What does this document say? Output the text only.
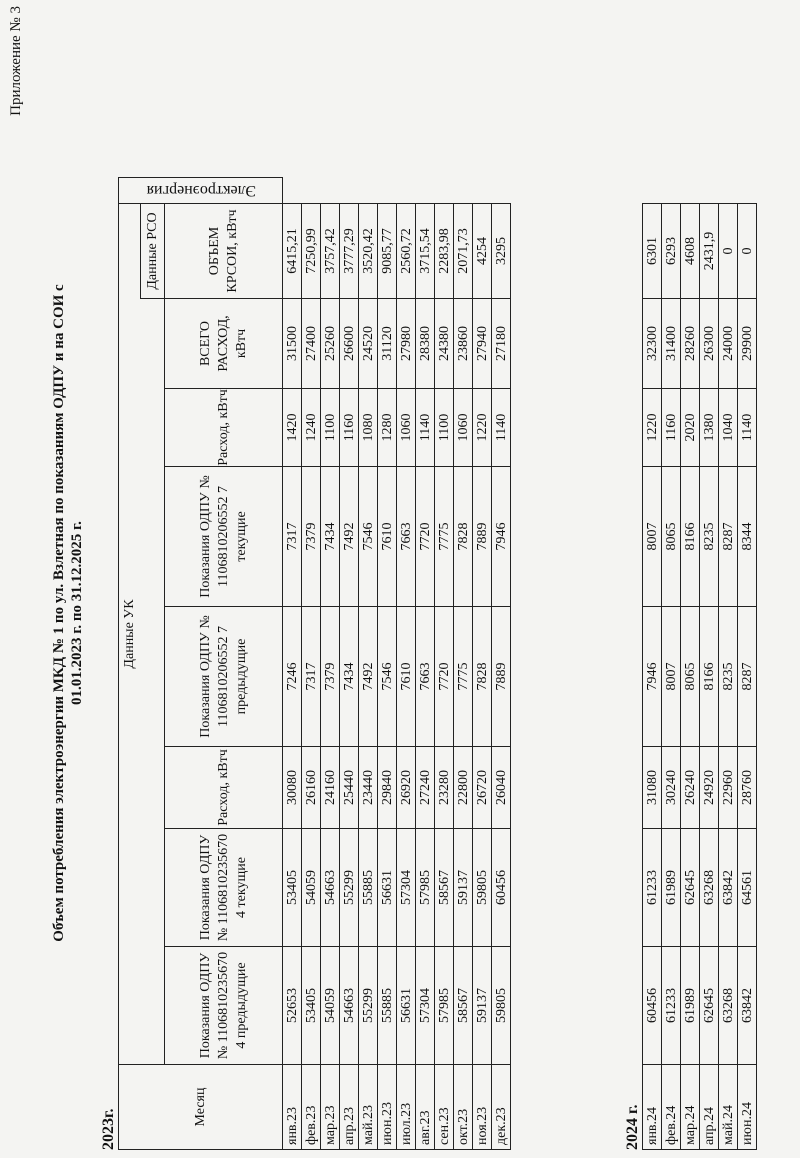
Приложение № 3
Объем потребления электроэнергии МКД № 1 по ул. Взлетная по показаниям ОДПУ и на СОИ с 01.01.2023 г. по 31.12.2025 г.
2023г.
Месяц	Данные УК								Электроэнергия	
								Данные РСО		
	Показания ОДПУ № 1106810235670 4 предыдущие	Показания ОДПУ № 1106810235670 4 текущие	Расход, кВтч	Показания ОДПУ № 1106810206552 7 предыдущие	Показания ОДПУ № 1106810206552 7 текущие	Расход, кВтч	ВСЕГО РАСХОД, кВтч	ОБЪЕМ КРСОИ, кВтч		
янв.23	52653	53405	30080	7246	7317	1420	31500	6415,21		
фев.23	53405	54059	26160	7317	7379	1240	27400	7250,99		
мар.23	54059	54663	24160	7379	7434	1100	25260	3757,42		
апр.23	54663	55299	25440	7434	7492	1160	26600	3777,29		
май.23	55299	55885	23440	7492	7546	1080	24520	3520,42		
июн.23	55885	56631	29840	7546	7610	1280	31120	9085,77		
июл.23	56631	57304	26920	7610	7663	1060	27980	2560,72		
авг.23	57304	57985	27240	7663	7720	1140	28380	3715,54		
сен.23	57985	58567	23280	7720	7775	1100	24380	2283,98		
окт.23	58567	59137	22800	7775	7828	1060	23860	2071,73		
ноя.23	59137	59805	26720	7828	7889	1220	27940	4254		
дек.23	59805	60456	26040	7889	7946	1140	27180	3295		
2024 г. янв.24	60456	61233	31080	7946	8007	1220	32300	6301	
фев.24	61233	61989	30240	8007	8065	1160	31400	6293	
мар.24	61989	62645	26240	8065	8166	2020	28260	4608	
апр.24	62645	63268	24920	8166	8235	1380	26300	2431,9	
май.24	63268	63842	22960	8235	8287	1040	24000	0	
июн.24	63842	64561	28760	8287	8344	1140	29900	0	
